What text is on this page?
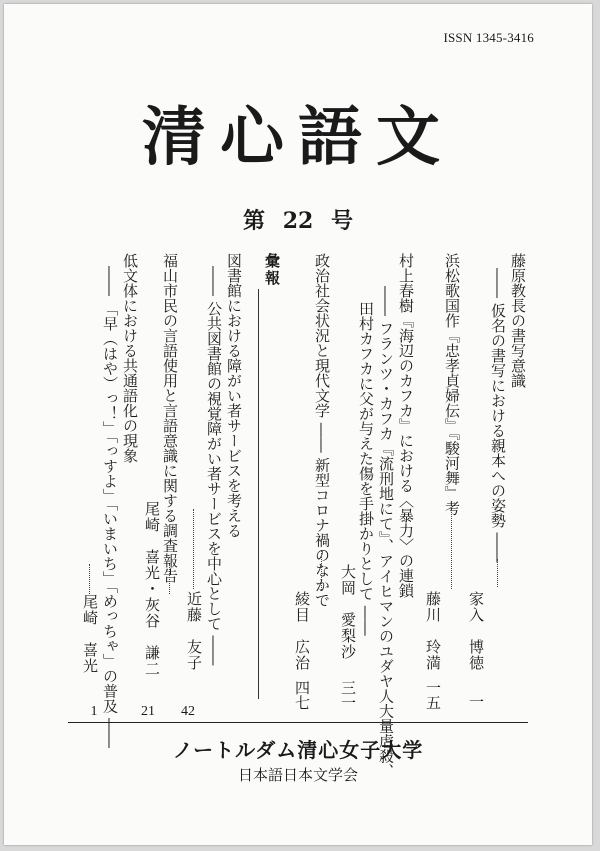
ISSN 1345-3416
清心語文
第 22 号
藤原教長の書写意識
―― 仮名の書写における親本への姿勢 ――
家入　博徳
一
浜松歌国作『忠孝貞婦伝』『駿河舞』考
藤川　玲満
一五
村上春樹『海辺のカフカ』における〈暴力〉の連鎖
―― フランツ・カフカ『流刑地にて』、アイヒマンのユダヤ人大量虐殺、
田村カフカに父が与えた傷を手掛かりとして ――
大岡　愛梨沙
三一
政治社会状況と現代文学 ―― 新型コロナ禍のなかで
綾目　広治
四七
彙報
図書館における障がい者サービスを考える
―― 公共図書館の視覚障がい者サービスを中心として ――
近藤　友子
福山市民の言語使用と言語意識に関する調査報告
尾崎　喜光・灰谷　謙二
低文体における共通語化の現象
―― 「早（はや）っ！」「っすよ」「いまいち」「めっちゃ」の普及 ――
尾崎　喜光
42
21
1
ノートルダム清心女子大学
日本語日本文学会
